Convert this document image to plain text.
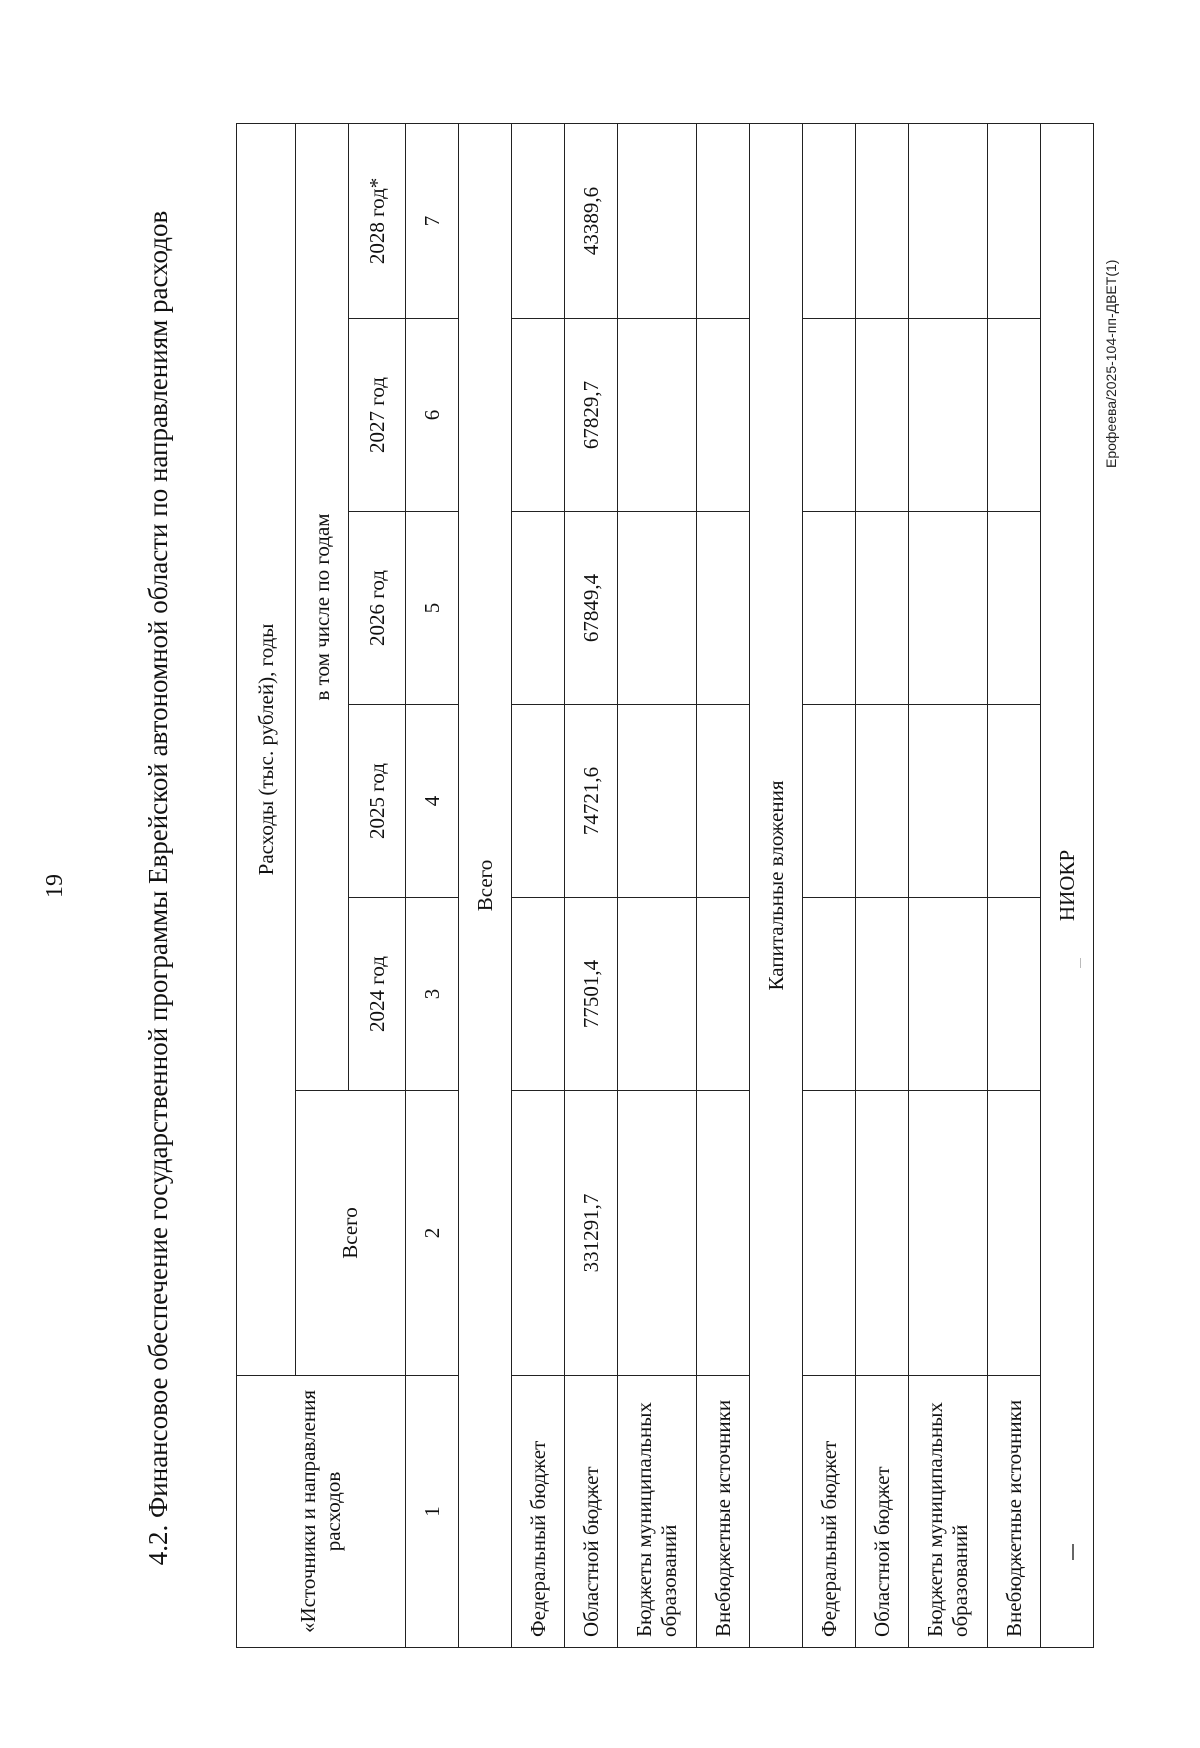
19	4.2. Финансовое обеспечение государственной программы Еврейской автономной области по направлениям расходов	«Источники и направления расходов	Расходы (тыс. рублей), годы					
	Всего	в том числе по годам				
		2024 год	2025 год	2026 год	2027 год	2028 год*
1	2	3	4	5	6	7
Всего						
Федеральный бюджет						
Областной бюджет	331291,7	77501,4	74721,6	67849,4	67829,7	43389,6
Бюджеты муниципальных образований						
Внебюджетные источники						
Капитальные вложения						
Федеральный бюджет						
Областной бюджет						
Бюджеты муниципальных образований						
Внебюджетные источники						
НИОКР						
Ерофеева/2025-104-пп-ДВЕТ(1)
